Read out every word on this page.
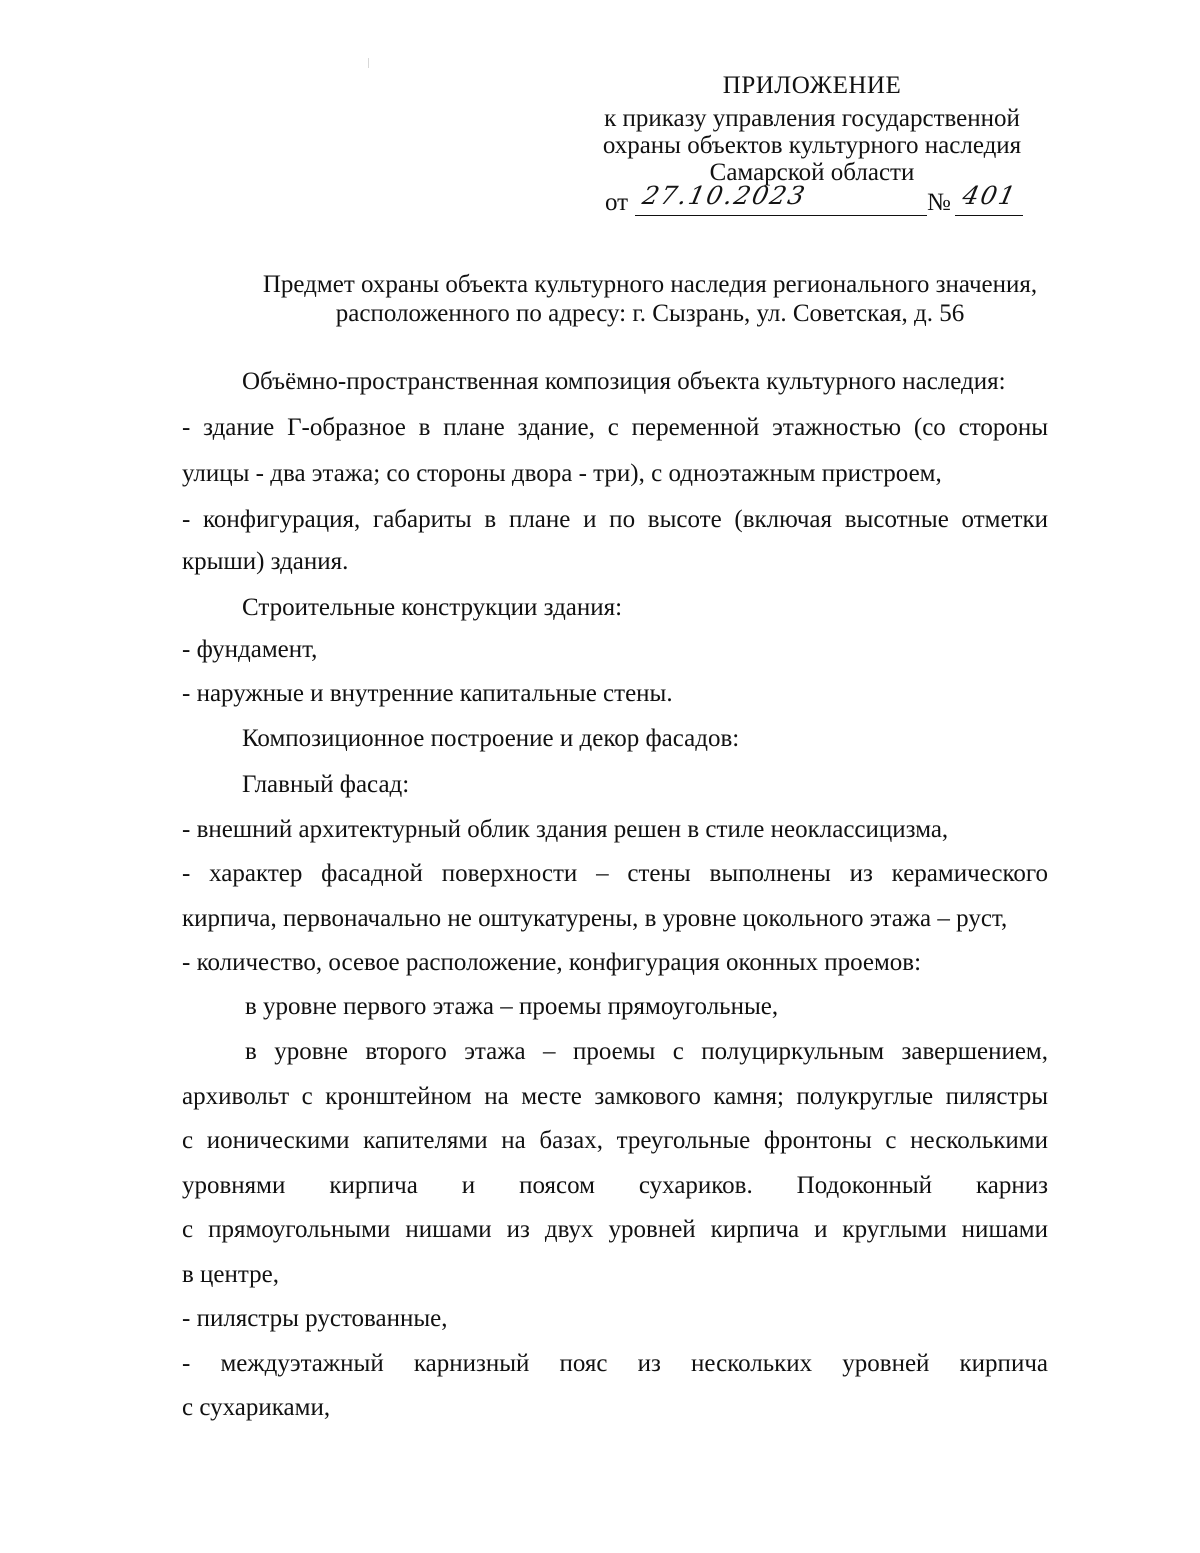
ПРИЛОЖЕНИЕ
к приказу управления государственной
охраны объектов культурного наследия
Самарской области
от 27.10.2023	№ 401
Предмет охраны объекта культурного наследия регионального значения,
расположенного по адресу: г. Сызрань, ул. Советская, д. 56
Объёмно-пространственная композиция объекта культурного наследия:
- здание Г-образное в плане здание, с переменной этажностью (со стороны
улицы - два этажа; со стороны двора - три), с одноэтажным пристроем,
- конфигурация, габариты в плане и по высоте (включая высотные отметки
крыши) здания.
Строительные конструкции здания:
- фундамент,
- наружные и внутренние капитальные стены.
Композиционное построение и декор фасадов:
Главный фасад:
- внешний архитектурный облик здания решен в стиле неоклассицизма,
- характер фасадной поверхности – стены выполнены из керамического
кирпича, первоначально не оштукатурены, в уровне цокольного этажа – руст,
- количество, осевое расположение, конфигурация оконных проемов:
в уровне первого этажа – проемы прямоугольные,
в уровне второго этажа – проемы с полуциркульным завершением,
архивольт с кронштейном на месте замкового камня; полукруглые пилястры
с ионическими капителями на базах, треугольные фронтоны с несколькими
уровнями кирпича и поясом сухариков. Подоконный карниз
с прямоугольными нишами из двух уровней кирпича и круглыми нишами
в центре,
- пилястры рустованные,
- междуэтажный карнизный пояс из нескольких уровней кирпича
с сухариками,
